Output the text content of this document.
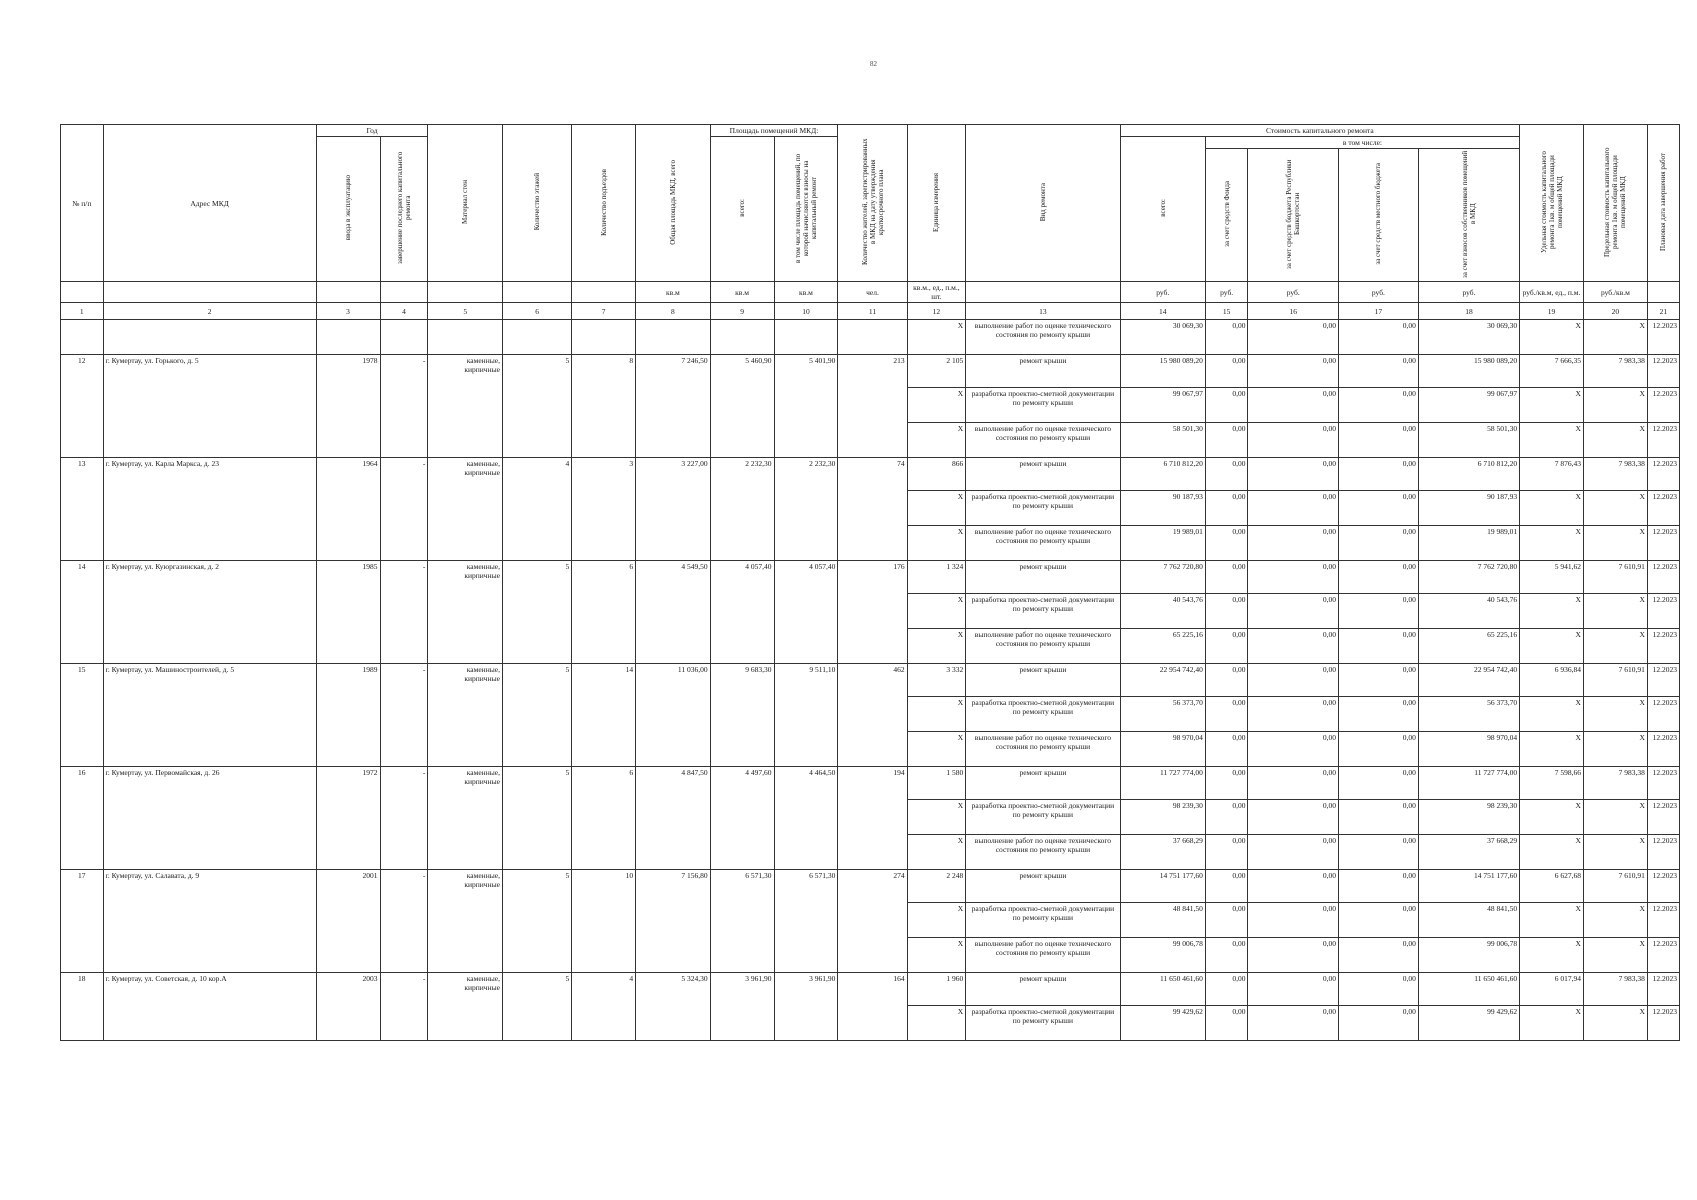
82
№ п/п	Адрес МКД	Год		Материал стен	Количество этажей	Количество подъездов	Общая площадь МКД, всего	Площадь помещений МКД:		Количество жителей, зарегистрированных в МКД на дату утверждения краткосрочного плана	Единица измерения	Вид ремонта	Стоимость капитального ремонта					Удельная стоимость капитального ремонта 1кв. м общей площади помещений МКД	Предельная стоимость капитального ремонта 1кв. м общей площади помещений МКД	Плановая дата завершения работ
		ввода в эксплуатацию	завершение последнего капитального ремонта					всего:	в том числе площадь помещений, по которой начисляются взносы на капитальный ремонт				всего:	в том числе:						
														за счет средств Фонда	за счет средств бюджета Республики Башкортостан	за счет средств местного бюджета	за счет взносов собственников помещений в МКД			
							кв.м	кв.м	кв.м	чел.	кв.м., ед., п.м., шт.		руб.	руб.	руб.	руб.	руб.	руб./кв.м, ед., п.м.	руб./кв.м	
1	2	3	4	5	6	7	8	9	10	11	12	13	14	15	16	17	18	19	20	21
											X	выполнение работ по оценке технического состояния по ремонту крыши	30 069,30	0,00	0,00	0,00	30 069,30	X	X	12.2023
12	г. Кумертау, ул. Горького, д. 5	1978	-	каменные, кирпичные	5	8	7 246,50	5 460,90	5 401,90	213	2 105	ремонт крыши	15 980 089,20	0,00	0,00	0,00	15 980 089,20	7 666,35	7 983,38	12.2023
											X	разработка проектно-сметной документации по ремонту крыши	99 067,97	0,00	0,00	0,00	99 067,97	X	X	12.2023
											X	выполнение работ по оценке технического состояния по ремонту крыши	58 501,30	0,00	0,00	0,00	58 501,30	X	X	12.2023
13	г. Кумертау, ул. Карла Маркса, д. 23	1964	-	каменные, кирпичные	4	3	3 227,00	2 232,30	2 232,30	74	866	ремонт крыши	6 710 812,20	0,00	0,00	0,00	6 710 812,20	7 876,43	7 983,38	12.2023
											X	разработка проектно-сметной документации по ремонту крыши	90 187,93	0,00	0,00	0,00	90 187,93	X	X	12.2023
											X	выполнение работ по оценке технического состояния по ремонту крыши	19 989,01	0,00	0,00	0,00	19 989,01	X	X	12.2023
14	г. Кумертау, ул. Куюргазинская, д. 2	1985	-	каменные, кирпичные	5	6	4 549,50	4 057,40	4 057,40	176	1 324	ремонт крыши	7 762 720,80	0,00	0,00	0,00	7 762 720,80	5 941,62	7 610,91	12.2023
											X	разработка проектно-сметной документации по ремонту крыши	40 543,76	0,00	0,00	0,00	40 543,76	X	X	12.2023
											X	выполнение работ по оценке технического состояния по ремонту крыши	65 225,16	0,00	0,00	0,00	65 225,16	X	X	12.2023
15	г. Кумертау, ул. Машиностроителей, д. 5	1989	-	каменные, кирпичные	5	14	11 036,00	9 683,30	9 511,10	462	3 332	ремонт крыши	22 954 742,40	0,00	0,00	0,00	22 954 742,40	6 936,84	7 610,91	12.2023
											X	разработка проектно-сметной документации по ремонту крыши	56 373,70	0,00	0,00	0,00	56 373,70	X	X	12.2023
											X	выполнение работ по оценке технического состояния по ремонту крыши	98 970,04	0,00	0,00	0,00	98 970,04	X	X	12.2023
16	г. Кумертау, ул. Первомайская, д. 26	1972	-	каменные, кирпичные	5	6	4 847,50	4 497,60	4 464,50	194	1 580	ремонт крыши	11 727 774,00	0,00	0,00	0,00	11 727 774,00	7 598,66	7 983,38	12.2023
											X	разработка проектно-сметной документации по ремонту крыши	98 239,30	0,00	0,00	0,00	98 239,30	X	X	12.2023
											X	выполнение работ по оценке технического состояния по ремонту крыши	37 668,29	0,00	0,00	0,00	37 668,29	X	X	12.2023
17	г. Кумертау, ул. Салавата, д. 9	2001	-	каменные, кирпичные	5	10	7 156,80	6 571,30	6 571,30	274	2 248	ремонт крыши	14 751 177,60	0,00	0,00	0,00	14 751 177,60	6 627,68	7 610,91	12.2023
											X	разработка проектно-сметной документации по ремонту крыши	48 841,50	0,00	0,00	0,00	48 841,50	X	X	12.2023
											X	выполнение работ по оценке технического состояния по ремонту крыши	99 006,78	0,00	0,00	0,00	99 006,78	X	X	12.2023
18	г. Кумертау, ул. Советская, д. 10 кор.А	2003	-	каменные, кирпичные	5	4	5 324,30	3 961,90	3 961,90	164	1 960	ремонт крыши	11 650 461,60	0,00	0,00	0,00	11 650 461,60	6 017,94	7 983,38	12.2023
											X	разработка проектно-сметной документации по ремонту крыши	99 429,62	0,00	0,00	0,00	99 429,62	X	X	12.2023
